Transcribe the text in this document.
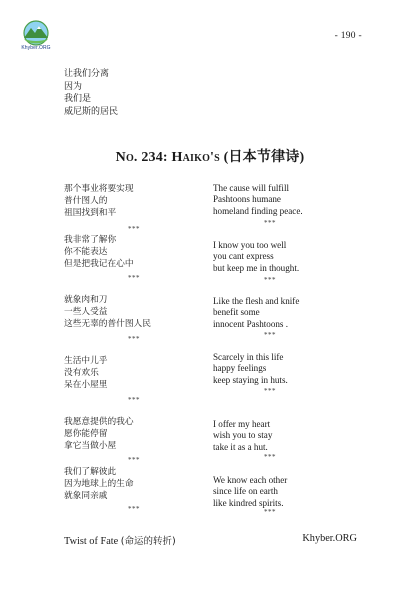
Khyber.ORG
- 190 -
让我们分离
因为
我们是
威尼斯的居民
No. 234: Haiko's (日本节律诗)
那个事业将要实现
普什图人的
祖国找到和平
The cause will fulfill
Pashtoons humane
homeland finding peace.
***
***
我非常了解你
你不能表达
但是把我记在心中
I know you too well
you cant express
but keep me in thought.
***	***
就象肉和刀
一些人受益
这些无辜的普什图人民
Like the flesh and knife
benefit some
innocent Pashtoons .
***	***
生活中儿乎
没有欢乐
呆在小屋里
Scarcely in this life
happy feelings
keep staying in huts.
***
***
我愿意提供的我心
愿你能停留
拿它当做小屋
I offer my heart
wish you to stay
take it as a hut.
***	***
我们了解彼此
因为地球上的生命
就象同亲戚
We know each other
since life on earth
like kindred spirits.
***	***
Twist of Fate (命运的转折)	Khyber.ORG
